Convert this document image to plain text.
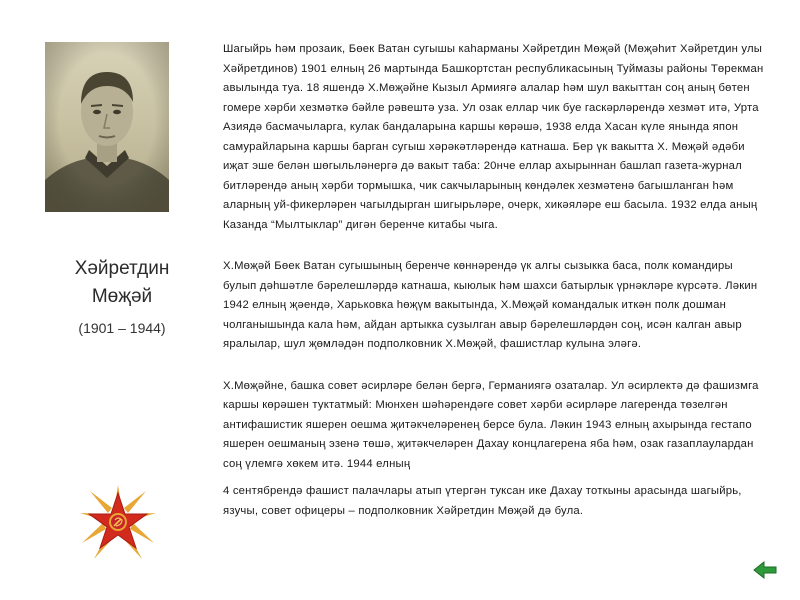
Хәйретдин
Мөҗәй
(1901 – 1944)

Шагыйрь һәм прозаик, Бөек Ватан сугышы каһарманы Хәйретдин Мөҗәй (Мөҗәһит Хәйретдин улы Хәйретдинов) 1901 елның 26 мартында Башкортстан республикасының Туймазы районы Төрекман авылында туа. 18 яшендә Х.Мөҗәйне Кызыл Армиягә алалар һәм шул вакыттан соң аның бөтен гомере хәрби хезмәткә бәйле рәвештә уза. Ул озак еллар чик буе гаскәрләрендә хезмәт итә, Урта Азиядә басмачыларга, кулак бандаларына каршы көрәшә, 1938 елда Хасан күле янында япон самурайларына каршы барган сугыш хәрәкәтләрендә катнаша. Бер үк вакытта Х. Мөҗәй әдәби иҗат эше белән шөгыльләнергә дә вакыт таба: 20нче еллар ахырыннан башлап газета-журнал битләрендә аның хәрби тормышка, чик сакчыларының көндәлек хезмәтенә багышланган һәм аларның уй-фикерләрен чагылдырган шигырьләре, очерк, хикәяләре еш басыла. 1932 елда аның Казанда “Мылтыклар” дигән беренче китабы чыга.

Х.Мөҗәй Бөек Ватан сугышының беренче көннәрендә үк алгы сызыкка баса, полк командиры булып дәһшәтле бәрелешләрдә катнаша, кыюлык һәм шахси батырлык үрнәкләре күрсәтә. Ләкин 1942 елның җәендә, Харьковка һөҗүм вакытында, Х.Мөҗәй командалык иткән полк дошман чолганышында кала һәм, айдан артыкка сузылган авыр бәрелешләрдән соң, исән калган авыр яралылар, шул җөмләдән подполковник Х.Мөҗәй, фашистлар кулына эләгә.

Х.Мөҗәйне, башка совет әсирләре белән бергә, Германиягә озаталар. Ул әсирлектә дә фашизмга каршы көрәшен туктатмый: Мюнхен шәһәрендәге совет хәрби әсирләре лагеренда төзелгән антифашистик яшерен оешма җитәкчеләренең берсе була. Ләкин 1943 елның ахырында гестапо яшерен оешманың эзенә төшә, җитәкчеләрен Дахау концлагерена яба һәм, озак газаплаулардан соң үлемгә хөкем итә. 1944 елның

4 сентябрендә фашист палачлары атып үтергән туксан ике Дахау тоткыны арасында шагыйрь, язучы, совет офицеры – подполковник Хәйретдин Мөҗәй дә була.
